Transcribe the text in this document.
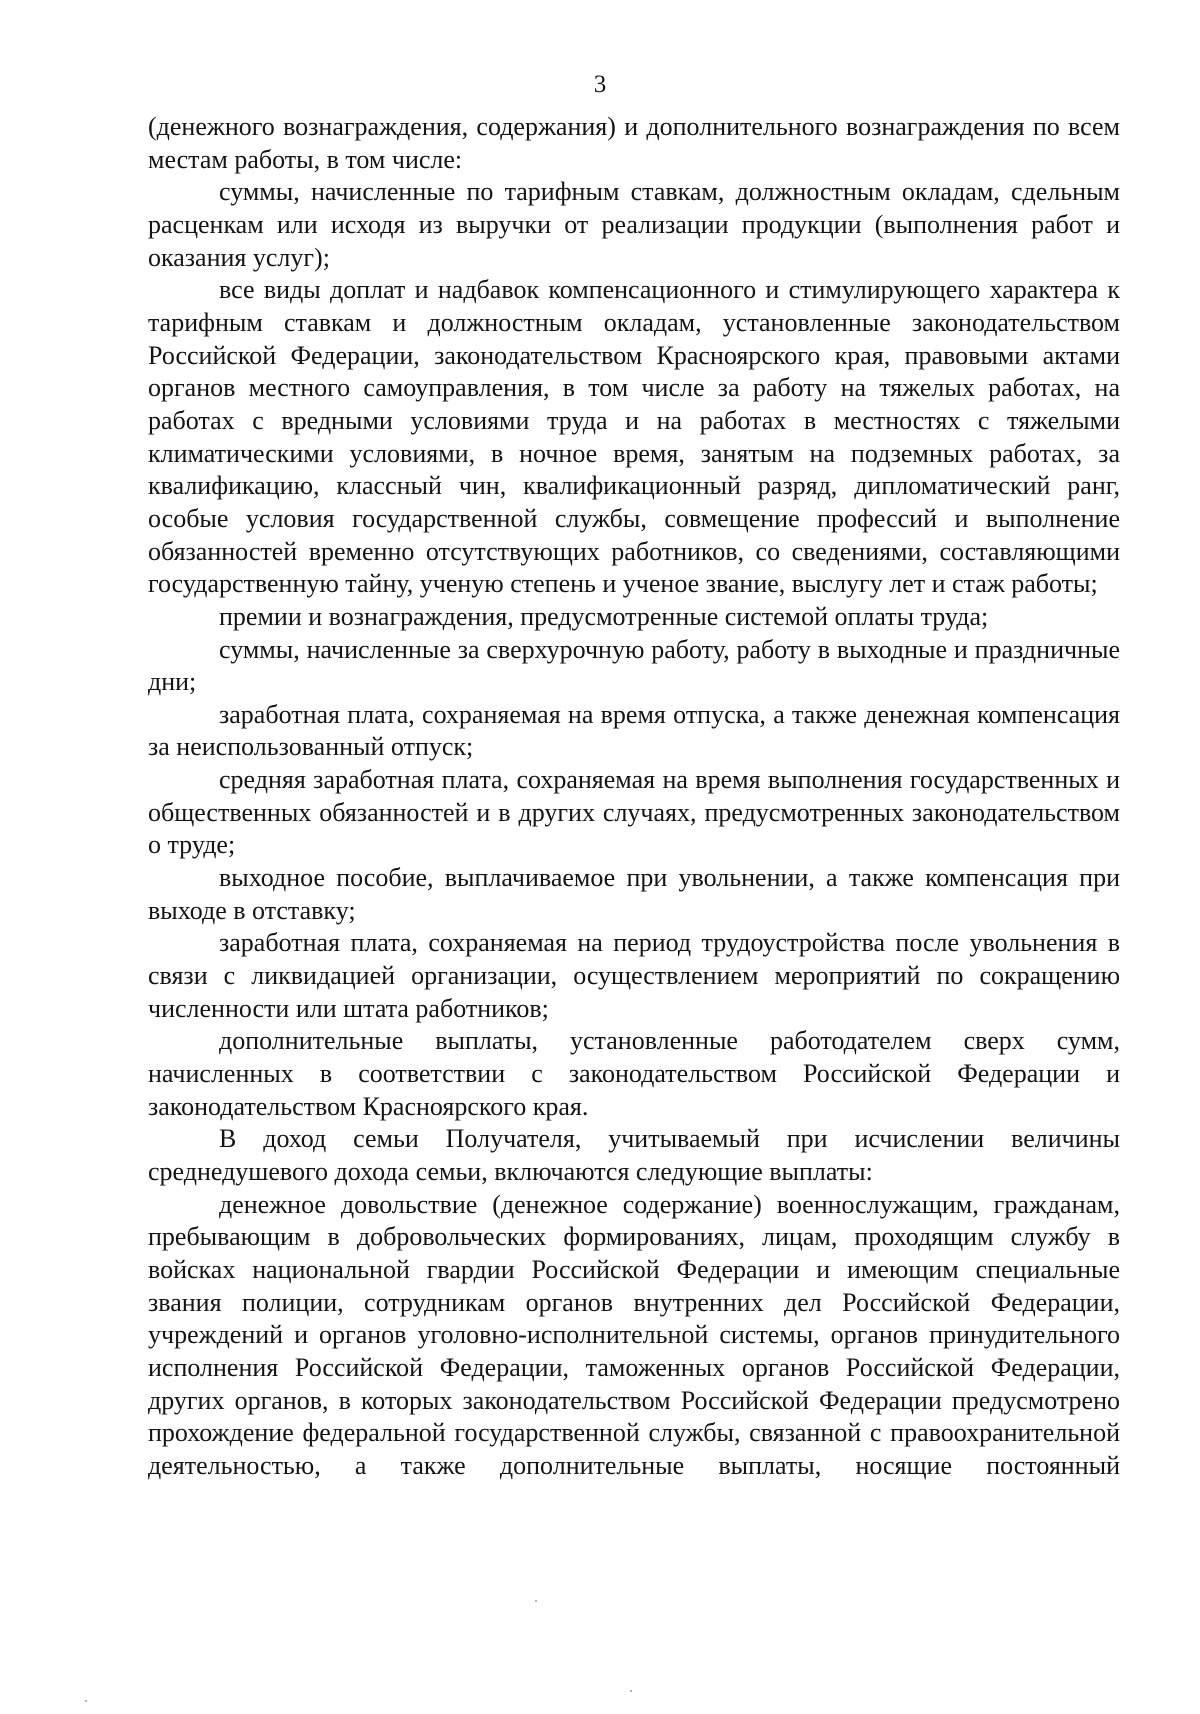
3

(денежного вознаграждения, содержания) и дополнительного вознаграждения по всем местам работы, в том числе:

суммы, начисленные по тарифным ставкам, должностным окладам, сдельным расценкам или исходя из выручки от реализации продукции (выполнения работ и оказания услуг);

все виды доплат и надбавок компенсационного и стимулирующего характера к тарифным ставкам и должностным окладам, установленные законодательством Российской Федерации, законодательством Красноярского края, правовыми актами органов местного самоуправления, в том числе за работу на тяжелых работах, на работах с вредными условиями труда и на работах в местностях с тяжелыми климатическими условиями, в ночное время, занятым на подземных работах, за квалификацию, классный чин, квалификационный разряд, дипломатический ранг, особые условия государственной службы, совмещение профессий и выполнение обязанностей временно отсутствующих работников, со сведениями, составляющими государственную тайну, ученую степень и ученое звание, выслугу лет и стаж работы;

премии и вознаграждения, предусмотренные системой оплаты труда;

суммы, начисленные за сверхурочную работу, работу в выходные и праздничные дни;

заработная плата, сохраняемая на время отпуска, а также денежная компенсация за неиспользованный отпуск;

средняя заработная плата, сохраняемая на время выполнения государственных и общественных обязанностей и в других случаях, предусмотренных законодательством о труде;

выходное пособие, выплачиваемое при увольнении, а также компенсация при выходе в отставку;

заработная плата, сохраняемая на период трудоустройства после увольнения в связи с ликвидацией организации, осуществлением мероприятий по сокращению численности или штата работников;

дополнительные выплаты, установленные работодателем сверх сумм, начисленных в соответствии с законодательством Российской Федерации и законодательством Красноярского края.

В доход семьи Получателя, учитываемый при исчислении величины среднедушевого дохода семьи, включаются следующие выплаты:

денежное довольствие (денежное содержание) военнослужащим, гражданам, пребывающим в добровольческих формированиях, лицам, проходящим службу в войсках национальной гвардии Российской Федерации и имеющим специальные звания полиции, сотрудникам органов внутренних дел Российской Федерации, учреждений и органов уголовно-исполнительной системы, органов принудительного исполнения Российской Федерации, таможенных органов Российской Федерации, других органов, в которых законодательством Российской Федерации предусмотрено прохождение федеральной государственной службы, связанной с правоохранительной деятельностью, а также дополнительные выплаты, носящие постоянный
